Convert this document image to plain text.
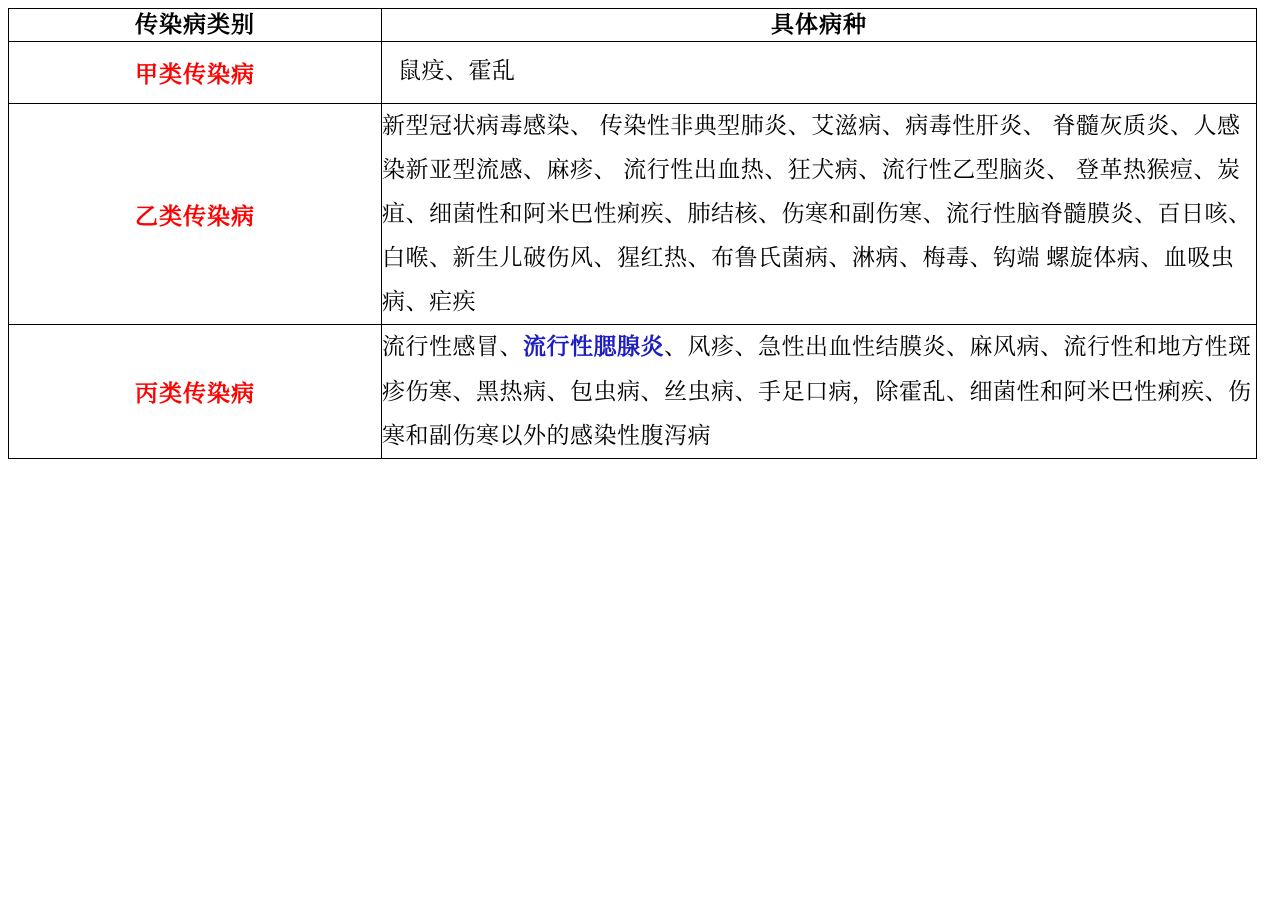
传染病类别	具体病种
甲类传染病	鼠疫、霍乱
乙类传染病	新型冠状病毒感染、 传染性非典型肺炎、艾滋病、病毒性肝炎、 脊髓灰质炎、人感染新亚型流感、麻疹、 流行性出血热、狂犬病、流行性乙型脑炎、 登革热猴痘、炭疽、细菌性和阿米巴性痢疾、肺结核、伤寒和副伤寒、流行性脑脊髓膜炎、百日咳、白喉、新生儿破伤风、猩红热、布鲁氏菌病、淋病、梅毒、钩端 螺旋体病、血吸虫病、疟疾
丙类传染病	流行性感冒、流行性腮腺炎、风疹、急性出血性结膜炎、麻风病、流行性和地方性斑疹伤寒、黑热病、包虫病、丝虫病、手足口病，除霍乱、细菌性和阿米巴性痢疾、伤寒和副伤寒以外的感染性腹泻病
